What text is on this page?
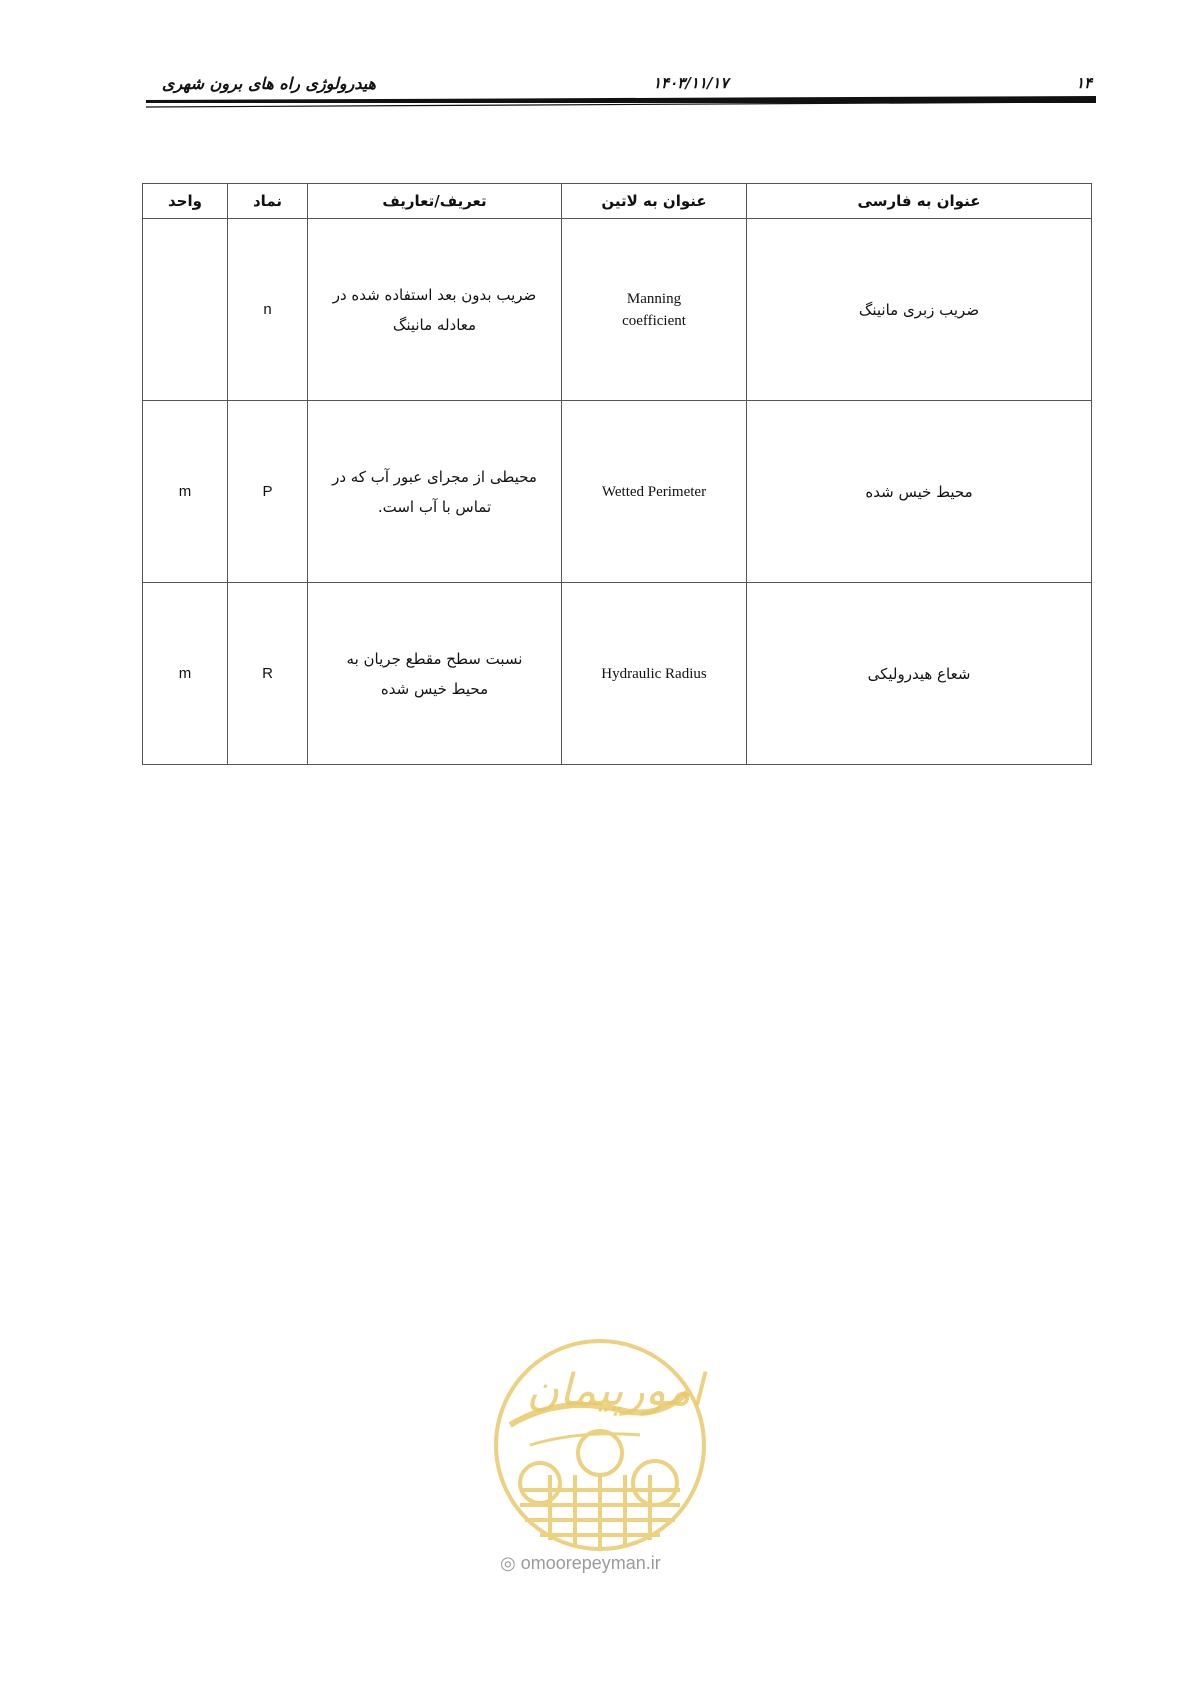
هیدرولوژی راه های برون شهری	۱۴۰۳/۱۱/۱۷	۱۴
واحد	نماد	تعریف/تعاریف	عنوان به لاتین	عنوان به فارسی
	n	ضریب بدون بعد استفاده شده در معادله مانینگ	Manning coefficient	ضریب زبری مانینگ
m	P	محیطی از مجرای عبور آب که در تماس با آب است.	Wetted Perimeter	محیط خیس شده
m	R	نسبت سطح مقطع جریان به محیط خیس شده	Hydraulic Radius	شعاع هیدرولیکی
امورپیمان
◎ omoorepeyman.ir
